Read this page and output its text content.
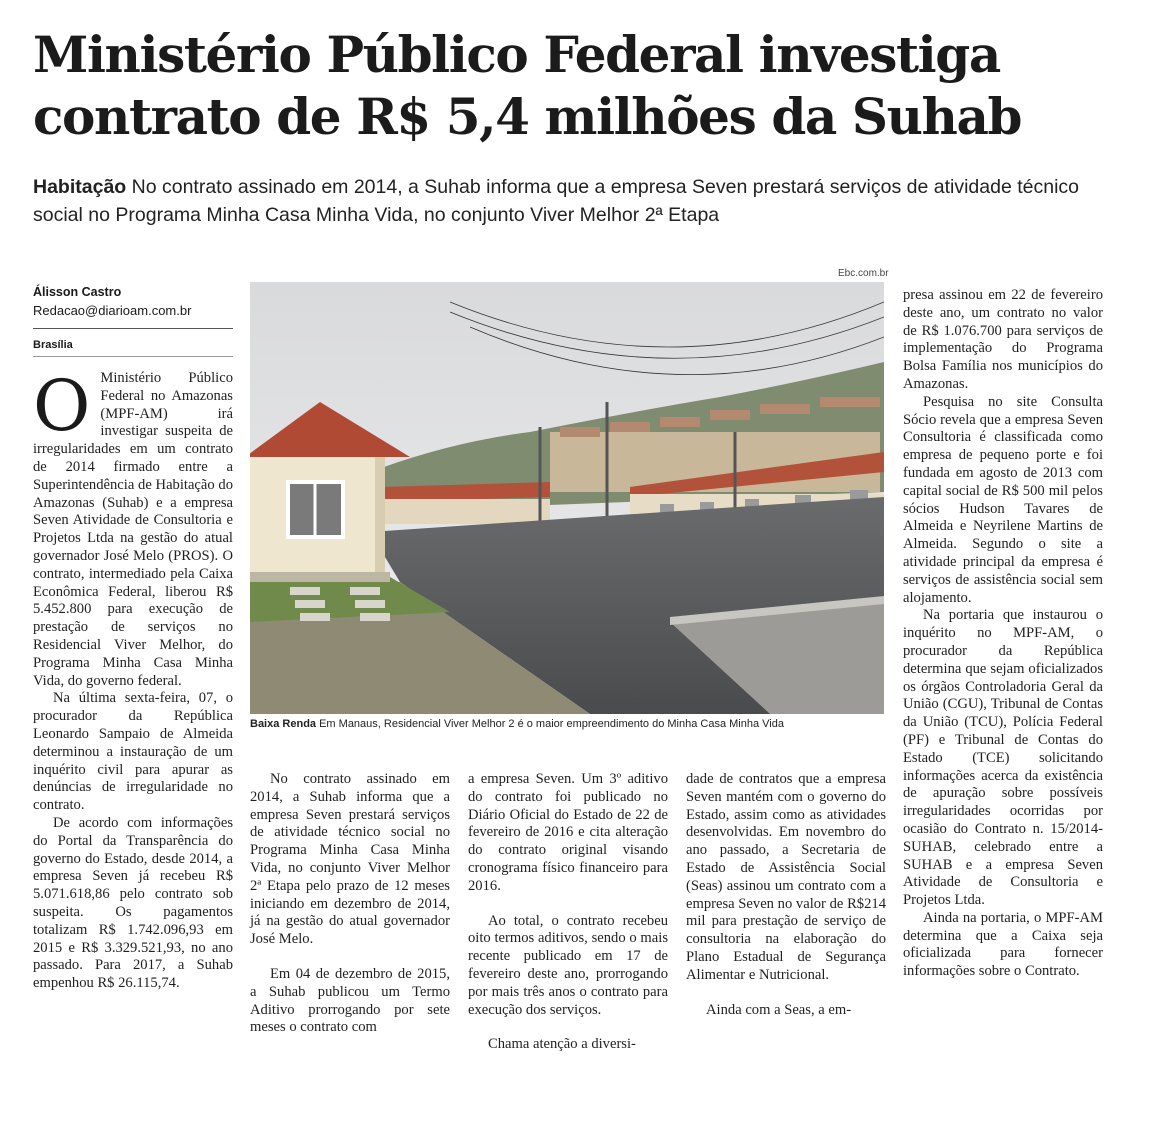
Ministério Público Federal investiga
contrato de R$ 5,4 milhões da Suhab
Habitação No contrato assinado em 2014, a Suhab informa que a empresa Seven prestará serviços de atividade técnico social no Programa Minha Casa Minha Vida, no conjunto Viver Melhor 2ª Etapa
Álisson Castro
Redacao@diarioam.com.br
Brasília
O Ministério Público Federal no Amazonas (MPF-AM) irá investigar suspeita de irregularidades em um contrato de 2014 firmado entre a Superintendência de Habitação do Amazonas (Suhab) e a empresa Seven Atividade de Consultoria e Projetos Ltda na gestão do atual governador José Melo (PROS). O contrato, intermediado pela Caixa Econômica Federal, liberou R$ 5.452.800 para execução de prestação de serviços no Residencial Viver Melhor, do Programa Minha Casa Minha Vida, do governo federal.

Na última sexta-feira, 07, o procurador da República Leonardo Sampaio de Almeida determinou a instauração de um inquérito civil para apurar as denúncias de irregularidade no contrato.

De acordo com informações do Portal da Transparência do governo do Estado, desde 2014, a empresa Seven já recebeu R$ 5.071.618,86 pelo contrato sob suspeita. Os pagamentos totalizam R$ 1.742.096,93 em 2015 e R$ 3.329.521,93, no ano passado. Para 2017, a Suhab empenhou R$ 26.115,74.

Ebc.com.br
Baixa Renda Em Manaus, Residencial Viver Melhor 2 é o maior empreendimento do Minha Casa Minha Vida

No contrato assinado em 2014, a Suhab informa que a empresa Seven prestará serviços de atividade técnico social no Programa Minha Casa Minha Vida, no conjunto Viver Melhor 2ª Etapa pelo prazo de 12 meses iniciando em dezembro de 2014, já na gestão do atual governador José Melo.

Em 04 de dezembro de 2015, a Suhab publicou um Termo Aditivo prorrogando por sete meses o contrato com

a empresa Seven. Um 3º aditivo do contrato foi publicado no Diário Oficial do Estado de 22 de fevereiro de 2016 e cita alteração do contrato original visando cronograma físico financeiro para 2016.

Ao total, o contrato recebeu oito termos aditivos, sendo o mais recente publicado em 17 de fevereiro deste ano, prorrogando por mais três anos o contrato para execução dos serviços.

Chama atenção a diversi-

dade de contratos que a empresa Seven mantém com o governo do Estado, assim como as atividades desenvolvidas. Em novembro do ano passado, a Secretaria de Estado de Assistência Social (Seas) assinou um contrato com a empresa Seven no valor de R$214 mil para prestação de serviço de consultoria na elaboração do Plano Estadual de Segurança Alimentar e Nutricional.

Ainda com a Seas, a em-

presa assinou em 22 de fevereiro deste ano, um contrato no valor de R$ 1.076.700 para serviços de implementação do Programa Bolsa Família nos municípios do Amazonas.

Pesquisa no site Consulta Sócio revela que a empresa Seven Consultoria é classificada como empresa de pequeno porte e foi fundada em agosto de 2013 com capital social de R$ 500 mil pelos sócios Hudson Tavares de Almeida e Neyrilene Martins de Almeida. Segundo o site a atividade principal da empresa é serviços de assistência social sem alojamento.

Na portaria que instaurou o inquérito no MPF-AM, o procurador da República determina que sejam oficializados os órgãos Controladoria Geral da União (CGU), Tribunal de Contas da União (TCU), Polícia Federal (PF) e Tribunal de Contas do Estado (TCE) solicitando informações acerca da existência de apuração sobre possíveis irregularidades ocorridas por ocasião do Contrato n. 15/2014-SUHAB, celebrado entre a SUHAB e a empresa Seven Atividade de Consultoria e Projetos Ltda.

Ainda na portaria, o MPF-AM determina que a Caixa seja oficializada para fornecer informações sobre o Contrato.
